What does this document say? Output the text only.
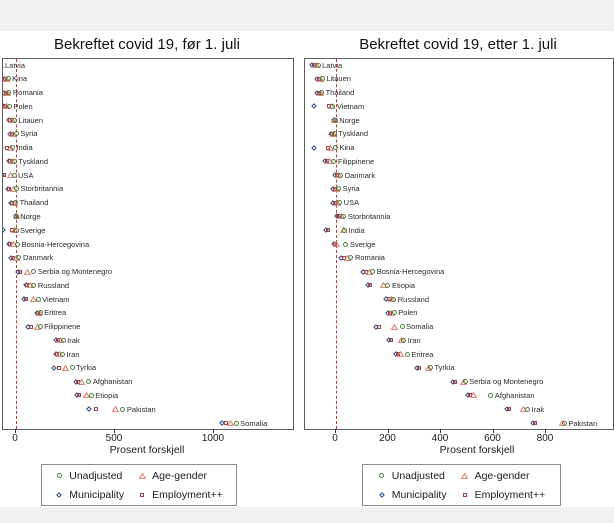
Bekreftet covid 19, før 1. juli	Bekreftet covid 19, etter 1. juli
Latvia
Kina
Romania
Polen
Litauen
Syria
India
Tyskland
USA
Storbritannia
Thailand
Norge
Sverige
Bosnia-Hercegovina
Danmark
Serbia og Montenegro
Russland
Vietnam
Eritrea
Filippinene
Irak
Iran
Tyrkia
Afghanistan
Etiopia
Pakistan
Somalia
Latvia
Litauen
Thailand
Vietnam
Norge
Tyskland
Kina
Filippinene
Danmark
Syria
USA
Storbritannia
India
Sverige
Romania
Bosnia-Hercegovina
Etiopia
Russland
Polen
Somalia
Iran
Eritrea
Tyrkia
Serbia og Montenegro
Afghanistan
Irak
Pakistan
0	500	1000	0	200	400	600	800
Prosent forskjell	Prosent forskjell
Unadjusted	Age-gender
Municipality	Employment++
Unadjusted	Age-gender
Municipality	Employment++
